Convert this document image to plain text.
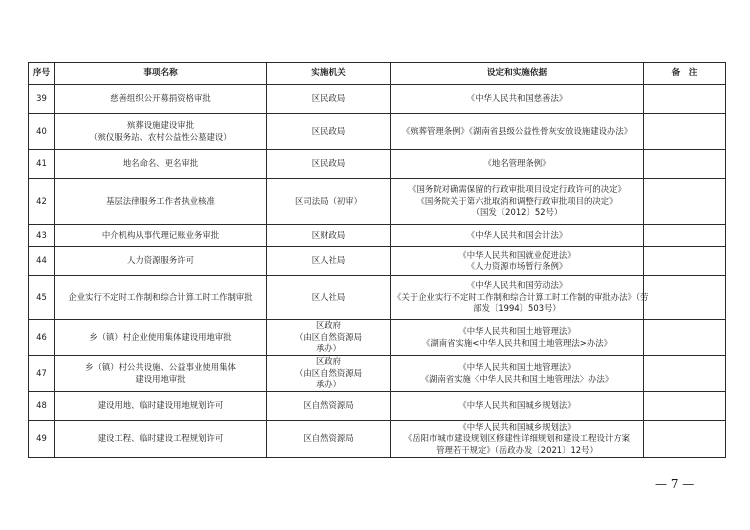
序号	事项名称	实施机关	设定和实施依据	备　注
39	慈善组织公开募捐资格审批	区民政局	《中华人民共和国慈善法》	

40	殡葬设施建设审批
（殡仪服务站、农村公益性公墓建设）	区民政局	《殡葬管理条例》《湖南省县级公益性骨灰安放设施建设办法》	

41	地名命名、更名审批	区民政局	《地名管理条例》	

42	基层法律服务工作者执业核准	区司法局（初审）	《国务院对确需保留的行政审批项目设定行政许可的决定》
《国务院关于第六批取消和调整行政审批项目的决定》
（国发〔2012〕52号）	

43	中介机构从事代理记账业务审批	区财政局	《中华人民共和国会计法》	

44	人力资源服务许可	区人社局	《中华人民共和国就业促进法》
《人力资源市场暂行条例》	

45	企业实行不定时工作制和综合计算工时工作制审批	区人社局	《中华人民共和国劳动法》
《关于企业实行不定时工作制和综合计算工时工作制的审批办法》（劳
部发〔1994〕503号）	

46	乡（镇）村企业使用集体建设用地审批	区政府
（由区自然资源局
承办）	《中华人民共和国土地管理法》
《湖南省实施<中华人民共和国土地管理法>办法》	

47	乡（镇）村公共设施、公益事业使用集体
建设用地审批	区政府
（由区自然资源局
承办）	《中华人民共和国土地管理法》
《湖南省实施〈中华人民共和国土地管理法〉办法》	

48	建设用地、临时建设用地规划许可	区自然资源局	《中华人民共和国城乡规划法》	

49	建设工程、临时建设工程规划许可	区自然资源局	《中华人民共和国城乡规划法》
《岳阳市城市建设规划区修建性详细规划和建设工程设计方案
管理若干规定》（岳政办发〔2021〕12号）	

— 7 —
